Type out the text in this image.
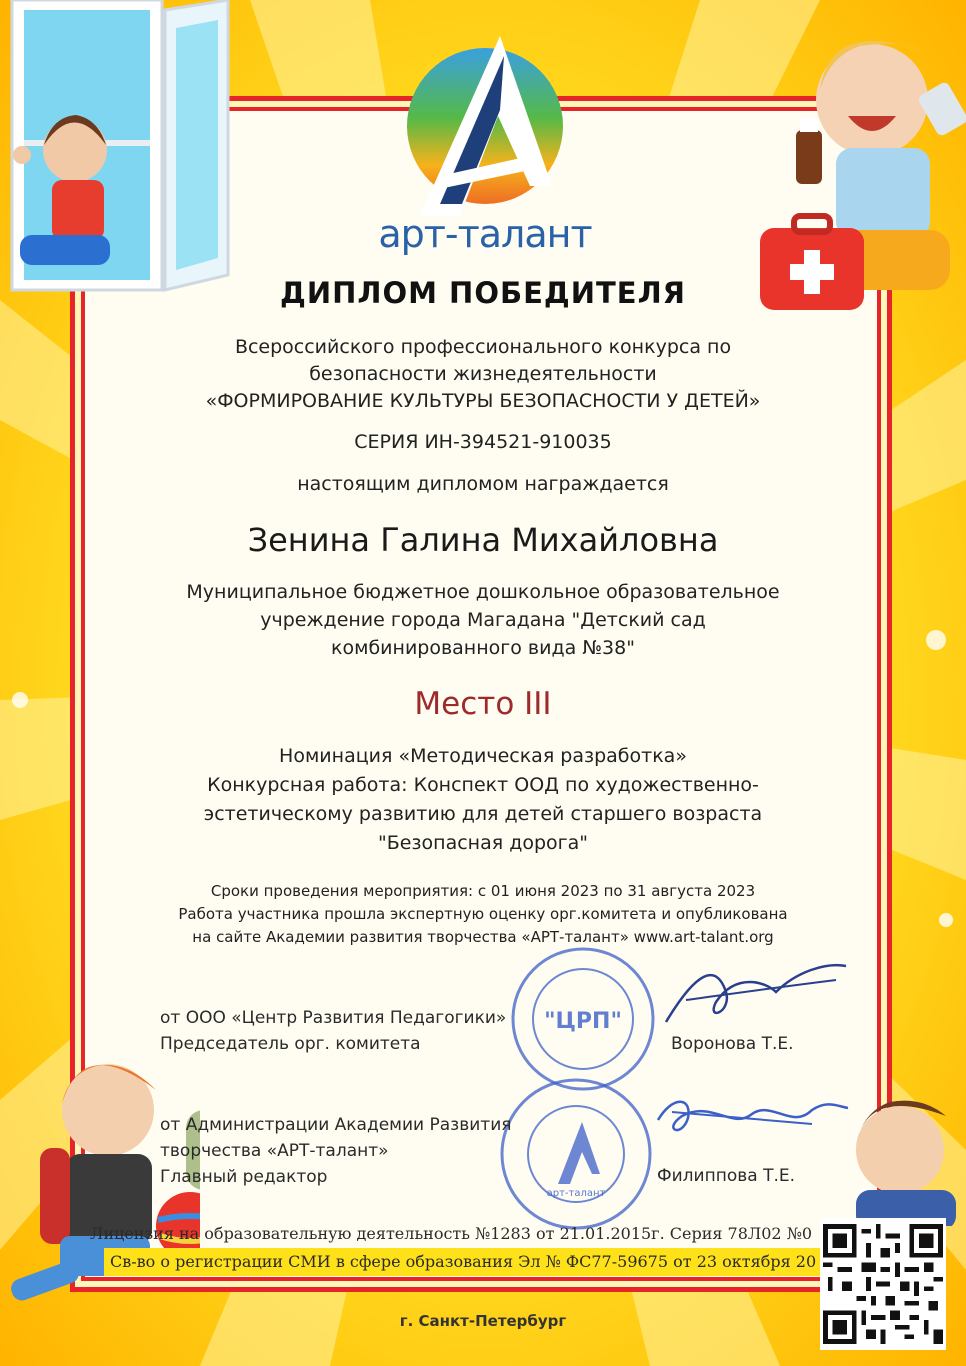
арт-талант
ДИПЛОМ ПОБЕДИТЕЛЯ
Всероссийского профессионального конкурса по
безопасности жизнедеятельности
«ФОРМИРОВАНИЕ КУЛЬТУРЫ БЕЗОПАСНОСТИ У ДЕТЕЙ»
СЕРИЯ ИН-394521-910035
настоящим дипломом награждается
Зенина Галина Михайловна
Муниципальное бюджетное дошкольное образовательное
учреждение города Магадана "Детский сад
комбинированного вида №38"
Место III
Номинация «Методическая разработка»
Конкурсная работа: Конспект ООД по художественно-
эстетическому развитию для детей старшего возраста
"Безопасная дорога"
Сроки проведения мероприятия: с 01 июня 2023 по 31 августа 2023
Работа участника прошла экспертную оценку орг.комитета и опубликована
на сайте Академии развития творчества «АРТ-талант» www.art-talant.org
"ЦРП"
арт-талант
от ООО «Центр Развития Педагогики»
Председатель орг. комитета	Воронова Т.Е.
от Администрации Академии Развития
творчества «АРТ-талант»
Главный редактор	Филиппова Т.Е.
Лицензия на образовательную деятельность №1283 от 21.01.2015г. Серия 78Л02 №0
Св-во о регистрации СМИ в сфере образования Эл № ФС77-59675 от 23 октября 20
г. Санкт-Петербург
